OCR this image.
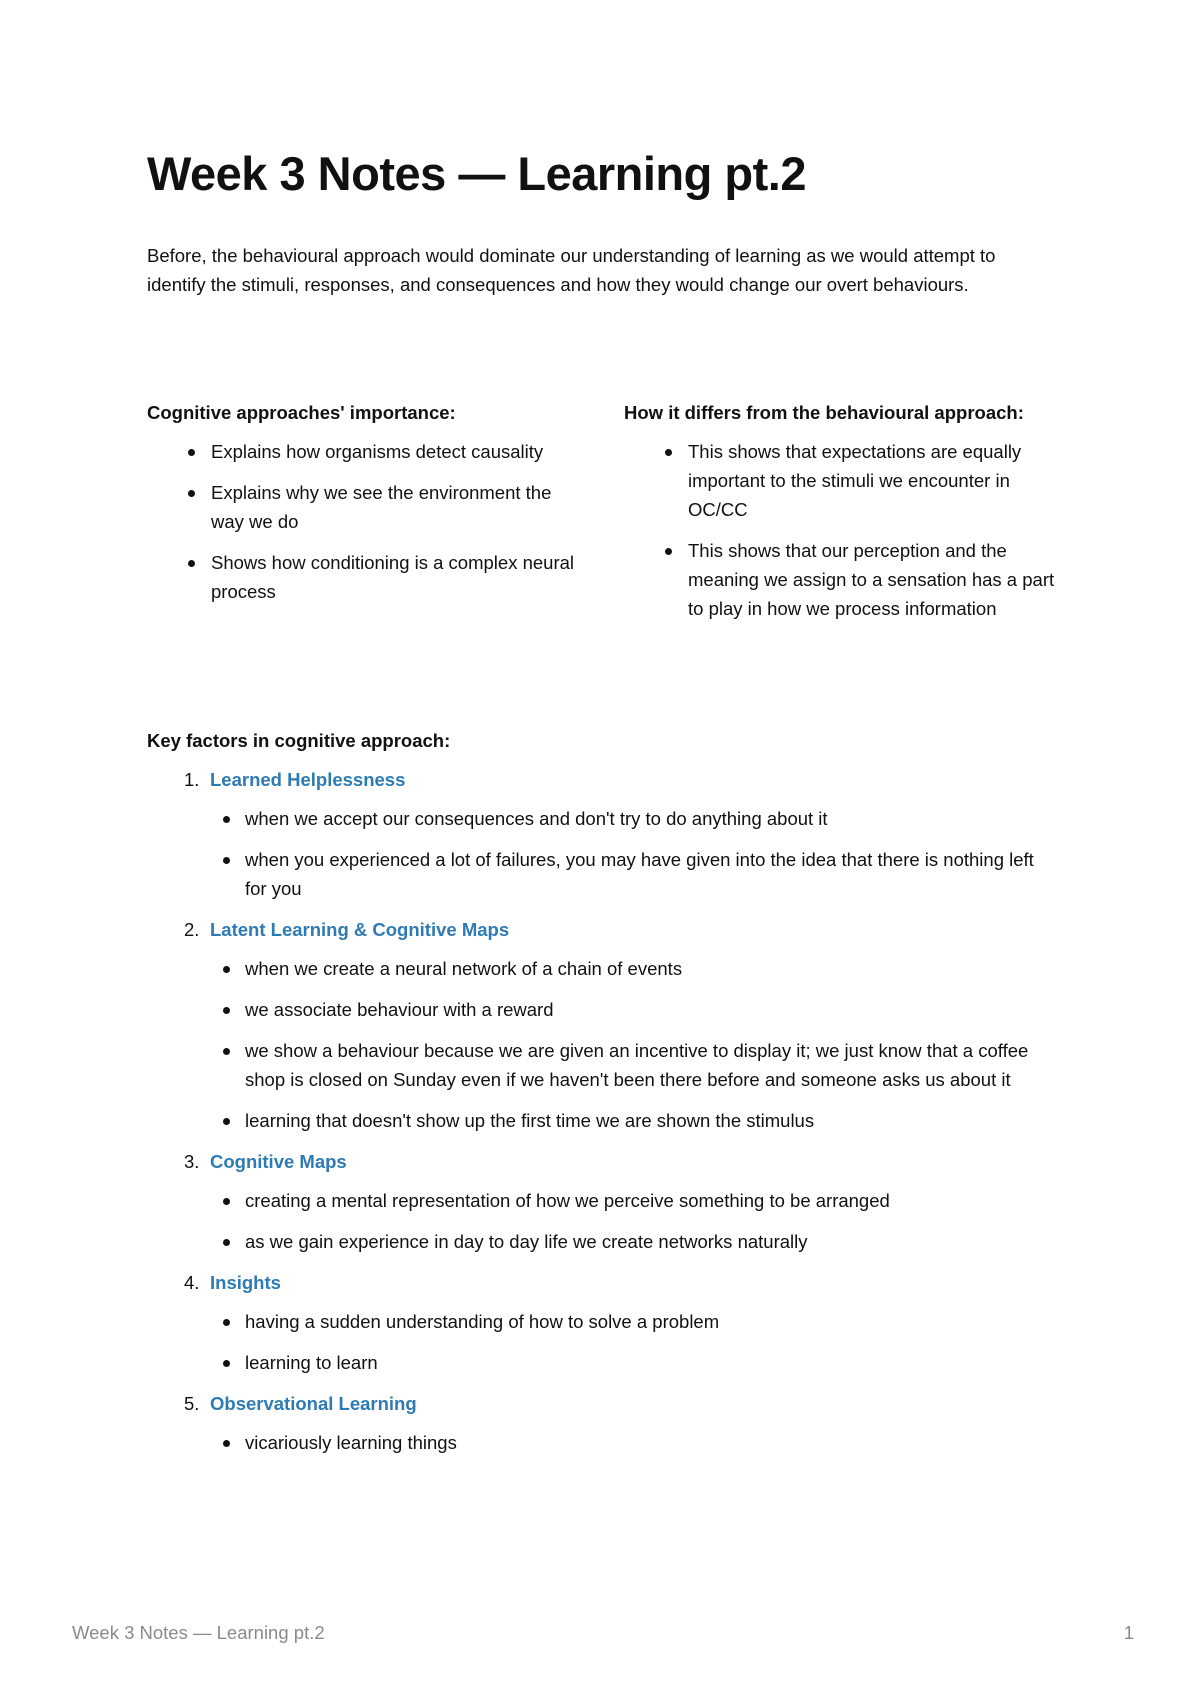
Week 3 Notes — Learning pt.2

Before, the behavioural approach would dominate our understanding of learning as we would attempt to identify the stimuli, responses, and consequences and how they would change our overt behaviours.

Cognitive approaches' importance:

Explains how organisms detect causality
Explains why we see the environment the way we do
Shows how conditioning is a complex neural process

How it differs from the behavioural approach:

This shows that expectations are equally important to the stimuli we encounter in OC/CC
This shows that our perception and the meaning we assign to a sensation has a part to play in how we process information

Key factors in cognitive approach:

1. Learned Helplessness
when we accept our consequences and don't try to do anything about it
when you experienced a lot of failures, you may have given into the idea that there is nothing left for you
2. Latent Learning & Cognitive Maps
when we create a neural network of a chain of events
we associate behaviour with a reward
we show a behaviour because we are given an incentive to display it; we just know that a coffee shop is closed on Sunday even if we haven't been there before and someone asks us about it
learning that doesn't show up the first time we are shown the stimulus
3. Cognitive Maps
creating a mental representation of how we perceive something to be arranged
as we gain experience in day to day life we create networks naturally
4. Insights
having a sudden understanding of how to solve a problem
learning to learn
5. Observational Learning
vicariously learning things
Week 3 Notes — Learning pt.2	1
